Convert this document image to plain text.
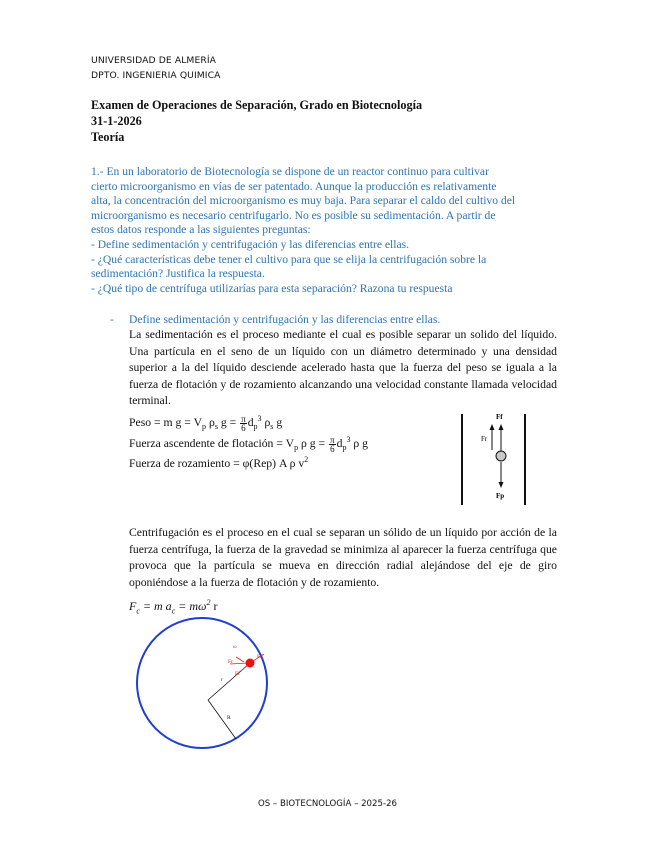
UNIVERSIDAD DE ALMERÍA
DPTO. INGENIERIA QUIMICA
Examen de Operaciones de Separación, Grado en Biotecnología
31-1-2026
Teoría
1.- En un laboratorio de Biotecnología se dispone de un reactor continuo para cultivar
cierto microorganismo en vías de ser patentado. Aunque la producción es relativamente
alta, la concentración del microorganismo es muy baja. Para separar el caldo del cultivo del
microorganismo es necesario centrifugarlo. No es posible su sedimentación. A partir de
estos datos responde a las siguientes preguntas:
- Define sedimentación y centrifugación y las diferencias entre ellas.
- ¿Qué características debe tener el cultivo para que se elija la centrifugación sobre la
sedimentación? Justifica la respuesta.
- ¿Qué tipo de centrífuga utilizarías para esta separación? Razona tu respuesta
- Define sedimentación y centrifugación y las diferencias entre ellas.
La sedimentación es el proceso mediante el cual es posible separar un solido del líquido. Una partícula en el seno de un líquido con un diámetro determinado y una densidad superior a la del líquido desciende acelerado hasta que la fuerza del peso se iguala a la fuerza de flotación y de rozamiento alcanzando una velocidad constante llamada velocidad terminal.
Peso = m $g = V_p$ $\rho_s$ $g = \frac{\pi}{6} d_p^3$ $\rho_s$ g
Fuerza ascendente de flotación = $V_p$ ρ $g = \frac{\pi}{6} d_p^3$ ρ g
Fuerza de rozamiento = φ(Rep) A ρ $v^2$
Ff
Fr
Fp
Centrifugación es el proceso en el cual se separan un sólido de un líquido por acción de la fuerza centrífuga, la fuerza de la gravedad se minimiza al aparecer la fuerza centrífuga que provoca que la partícula se mueva en dirección radial alejándose del eje de giro oponiéndose a la fuerza de flotación y de rozamiento.
$F_c = m$ $a_c = m\omega^2$ r
ω
Fr
Fc
Ff
r
R
OS – BIOTECNOLOGÍA – 2025-26
